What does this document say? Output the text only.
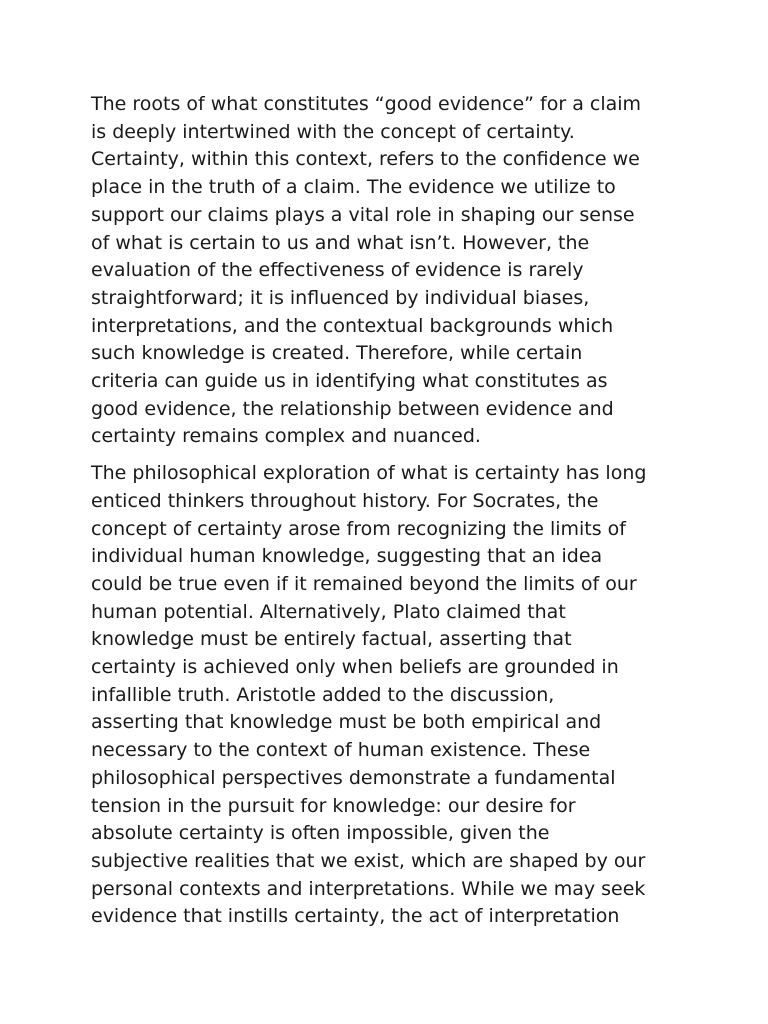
The roots of what constitutes “good evidence” for a claim
is deeply intertwined with the concept of certainty.
Certainty, within this context, refers to the confidence we
place in the truth of a claim. The evidence we utilize to
support our claims plays a vital role in shaping our sense
of what is certain to us and what isn’t. However, the
evaluation of the effectiveness of evidence is rarely
straightforward; it is influenced by individual biases,
interpretations, and the contextual backgrounds which
such knowledge is created. Therefore, while certain
criteria can guide us in identifying what constitutes as
good evidence, the relationship between evidence and
certainty remains complex and nuanced.

The philosophical exploration of what is certainty has long
enticed thinkers throughout history. For Socrates, the
concept of certainty arose from recognizing the limits of
individual human knowledge, suggesting that an idea
could be true even if it remained beyond the limits of our
human potential. Alternatively, Plato claimed that
knowledge must be entirely factual, asserting that
certainty is achieved only when beliefs are grounded in
infallible truth. Aristotle added to the discussion,
asserting that knowledge must be both empirical and
necessary to the context of human existence. These
philosophical perspectives demonstrate a fundamental
tension in the pursuit for knowledge: our desire for
absolute certainty is often impossible, given the
subjective realities that we exist, which are shaped by our
personal contexts and interpretations. While we may seek
evidence that instills certainty, the act of interpretation
